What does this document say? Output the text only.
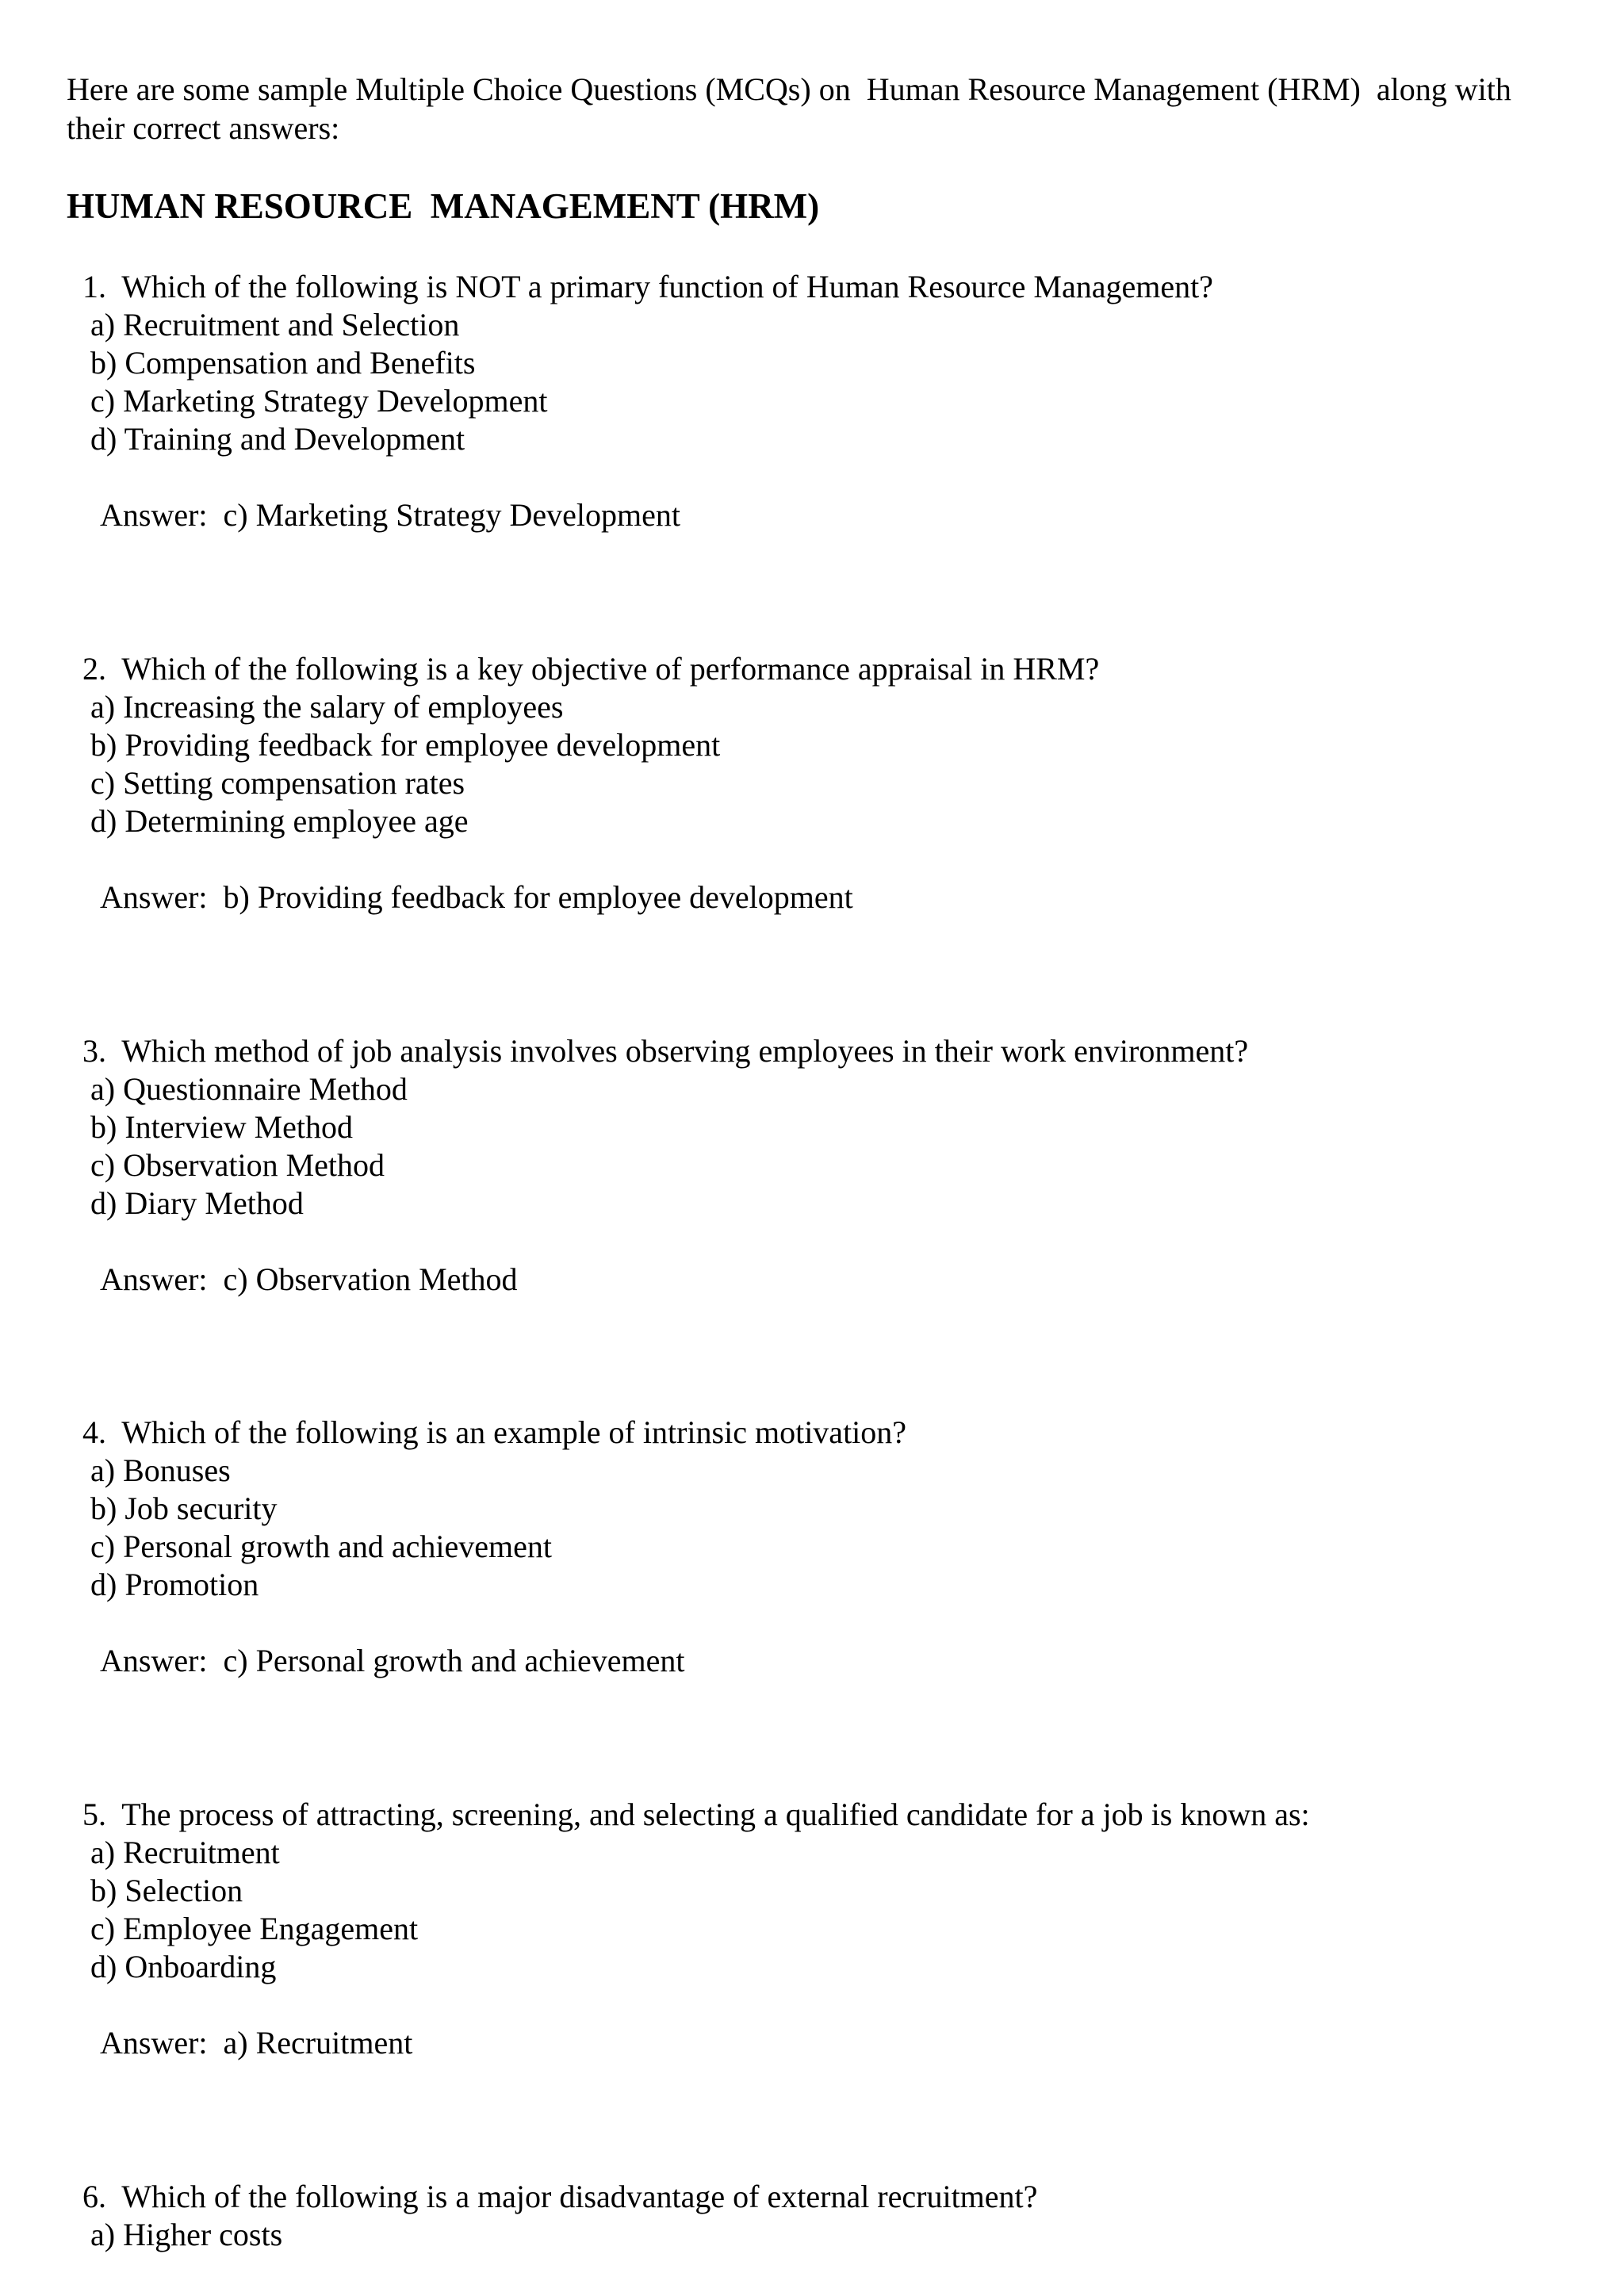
Here are some sample Multiple Choice Questions (MCQs) on  Human Resource Management (HRM)  along with their correct answers:
HUMAN RESOURCE  MANAGEMENT (HRM)
1.  Which of the following is NOT a primary function of Human Resource Management?
a) Recruitment and Selection
b) Compensation and Benefits
c) Marketing Strategy Development
d) Training and Development
Answer:  c) Marketing Strategy Development
2.  Which of the following is a key objective of performance appraisal in HRM?
a) Increasing the salary of employees
b) Providing feedback for employee development
c) Setting compensation rates
d) Determining employee age
Answer:  b) Providing feedback for employee development
3.  Which method of job analysis involves observing employees in their work environment?
a) Questionnaire Method
b) Interview Method
c) Observation Method
d) Diary Method
Answer:  c) Observation Method
4.  Which of the following is an example of intrinsic motivation?
a) Bonuses
b) Job security
c) Personal growth and achievement
d) Promotion
Answer:  c) Personal growth and achievement
5.  The process of attracting, screening, and selecting a qualified candidate for a job is known as:
a) Recruitment
b) Selection
c) Employee Engagement
d) Onboarding
Answer:  a) Recruitment
6.  Which of the following is a major disadvantage of external recruitment?
a) Higher costs
